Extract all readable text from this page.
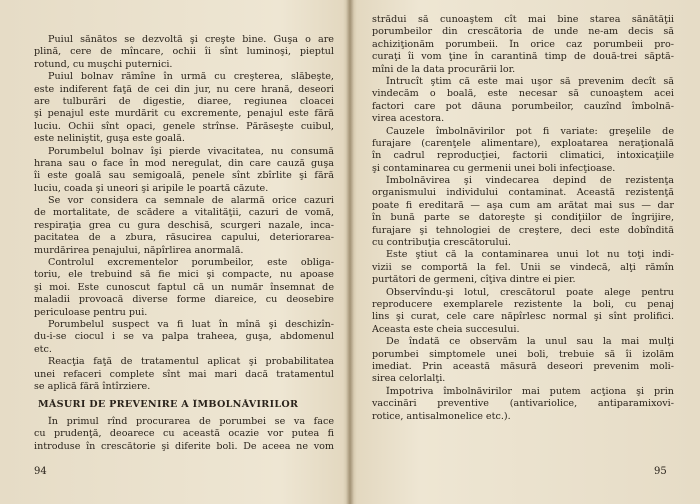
Puiul sănătos se dezvoltă şi creşte bine. Guşa o are
plină, cere de mîncare, ochii îi sînt luminoşi, pieptul
rotund, cu muşchi puternici.
Puiul bolnav rămîne în urmă cu creşterea, slăbeşte,
este indiferent faţă de cei din jur, nu cere hrană, deseori
are tulburări de digestie, diaree, regiunea cloacei
şi penajul este murdărit cu excremente, penajul este fără
luciu. Ochii sînt opaci, genele strînse. Părăseşte cuibul,
este neliniştit, guşa este goală.
Porumbelul bolnav îşi pierde vivacitatea, nu consumă
hrana sau o face în mod neregulat, din care cauză guşa
îi este goală sau semigoală, penele sînt zbîrlite şi fără
luciu, coada şi uneori şi aripile le poartă căzute.
Se vor considera ca semnale de alarmă orice cazuri
de mortalitate, de scădere a vitalităţii, cazuri de vomă,
respiraţia grea cu gura deschisă, scurgeri nazale, inca-
pacitatea de a zbura, răsucirea capului, deteriorarea-
murdărirea penajului, năpîrlirea anormală.
Controlul excrementelor porumbeilor, este obliga-
toriu, ele trebuind să fie mici şi compacte, nu apoase
şi moi. Este cunoscut faptul că un număr însemnat de
maladii provoacă diverse forme diareice, cu deosebire
periculoase pentru pui.
Porumbelul suspect va fi luat în mînă şi deschizîn-
du-i-se ciocul i se va palpa traheea, guşa, abdomenul
etc.
Reacţia faţă de tratamentul aplicat şi probabilitatea
unei refaceri complete sînt mai mari dacă tratamentul
se aplică fără întîrziere.
MĂSURI DE PREVENIRE A ÎMBOLNĂVIRILOR
În primul rînd procurarea de porumbei se va face
cu prudenţă, deoarece cu această ocazie vor putea fi
introduse în crescătorie şi diferite boli. De aceea ne vom
94
strădui să cunoaştem cît mai bine starea sănătăţii
porumbeilor din crescătoria de unde ne-am decis să
achiziţionăm porumbeii. În orice caz porumbeii pro-
curaţi îi vom ţine în carantină timp de două-trei săptă-
mîni de la data procurării lor.
Întrucît ştim că este mai uşor să prevenim decît să
vindecăm o boală, este necesar să cunoaştem acei
factori care pot dăuna porumbeilor, cauzînd îmbolnă-
virea acestora.
Cauzele îmbolnăvirilor pot fi variate: greşelile de
furajare (carenţele alimentare), exploatarea neraţională
în cadrul reproducţiei, factorii climatici, intoxicaţiile
şi contaminarea cu germenii unei boli infecţioase.
Îmbolnăvirea şi vindecarea depind de rezistenţa
organismului individului contaminat. Această rezistenţă
poate fi ereditară — aşa cum am arătat mai sus — dar
în bună parte se datoreşte şi condiţiilor de îngrijire,
furajare şi tehnologiei de creştere, deci este dobîndită
cu contribuţia crescătorului.
Este ştiut că la contaminarea unui lot nu toţi indi-
vizii se comportă la fel. Unii se vindecă, alţi rămîn
purtători de germeni, cîţiva dintre ei pier.
Observîndu-şi lotul, crescătorul poate alege pentru
reproducere exemplarele rezistente la boli, cu penaj
lins şi curat, cele care năpîrlesc normal şi sînt prolifici.
Aceasta este cheia succesului.
De îndată ce observăm la unul sau la mai mulţi
porumbei simptomele unei boli, trebuie să îi izolăm
imediat. Prin această măsură deseori prevenim moli-
sirea celorlalţi.
Împotriva îmbolnăvirilor mai putem acţiona şi prin
vaccinări preventive (antivariolice, antiparamixovi-
rotice, antisalmonelice etc.).
95
